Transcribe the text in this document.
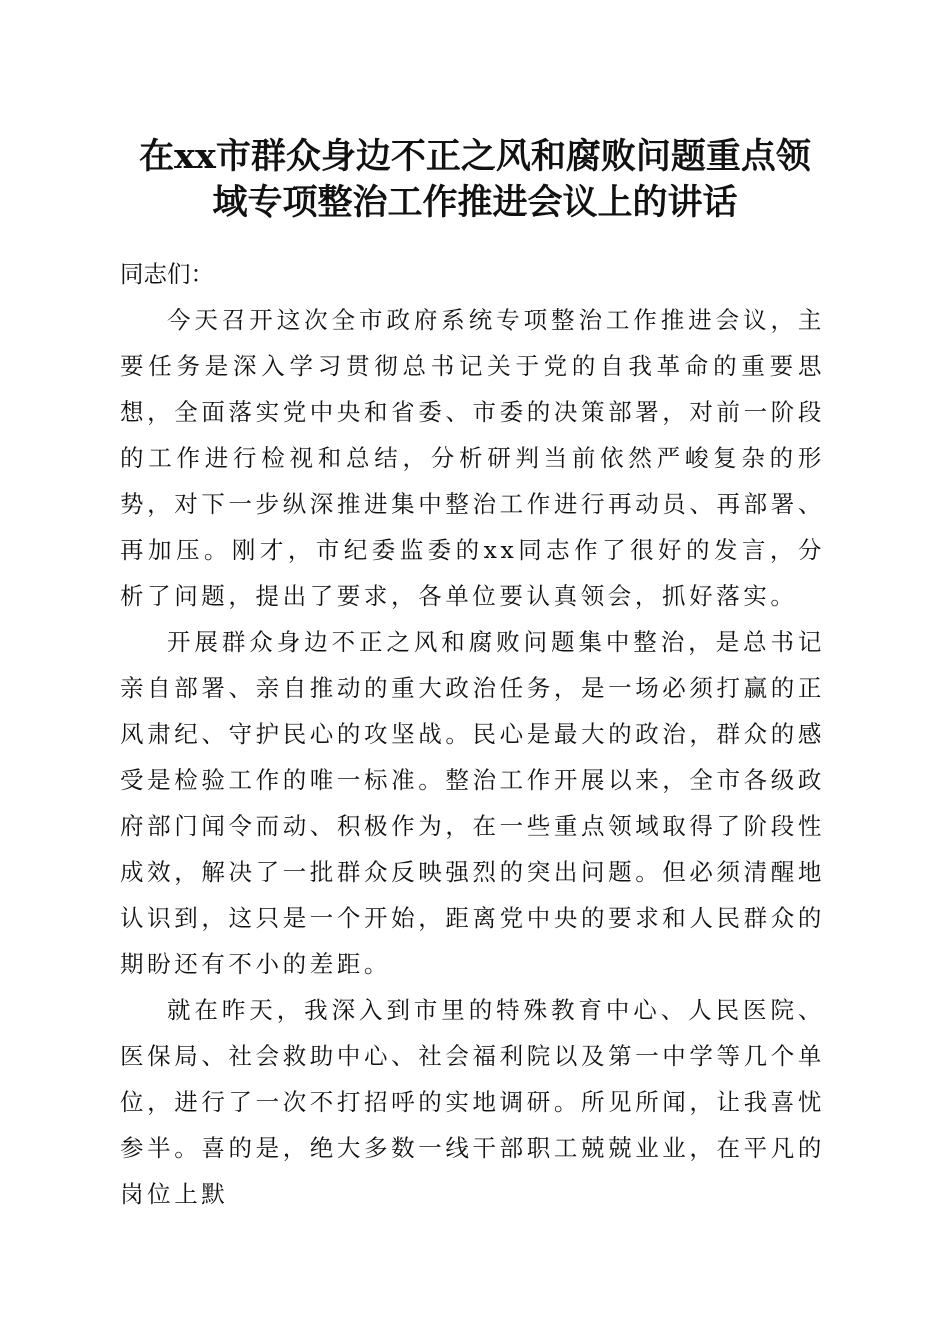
在xx市群众身边不正之风和腐败问题重点领
域专项整治工作推进会议上的讲话

同志们：

今天召开这次全市政府系统专项整治工作推进会议，主要任务是深入学习贯彻总书记关于党的自我革命的重要思想，全面落实党中央和省委、市委的决策部署，对前一阶段的工作进行检视和总结，分析研判当前依然严峻复杂的形势，对下一步纵深推进集中整治工作进行再动员、再部署、再加压。刚才，市纪委监委的xx同志作了很好的发言，分析了问题，提出了要求，各单位要认真领会，抓好落实。

开展群众身边不正之风和腐败问题集中整治，是总书记亲自部署、亲自推动的重大政治任务，是一场必须打赢的正风肃纪、守护民心的攻坚战。民心是最大的政治，群众的感受是检验工作的唯一标准。整治工作开展以来，全市各级政府部门闻令而动、积极作为，在一些重点领域取得了阶段性成效，解决了一批群众反映强烈的突出问题。但必须清醒地认识到，这只是一个开始，距离党中央的要求和人民群众的期盼还有不小的差距。

就在昨天，我深入到市里的特殊教育中心、人民医院、医保局、社会救助中心、社会福利院以及第一中学等几个单位，进行了一次不打招呼的实地调研。所见所闻，让我喜忧参半。喜的是，绝大多数一线干部职工兢兢业业，在平凡的岗位上默
